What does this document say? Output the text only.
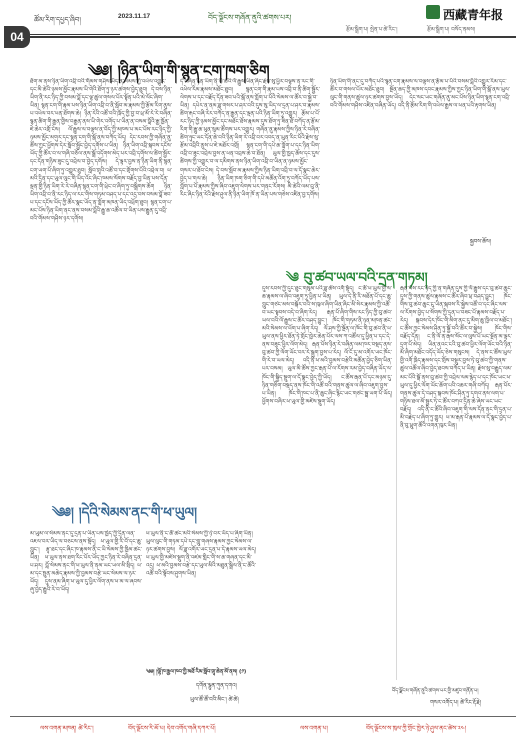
ཚོམ་རིག་དཔྱད་ཞིབ།	2023.11.17	བོད་ལྗོངས་གཞོན་ནུའི་ཚགས་པར།	西藏青年报
རྩོམ་སྒྲིག་པ། སྤེན་པ་ཚེ་རིང་།	རྩོམ་སྒྲིག་པ། བསོད་ནམས།
04
༄༅། །ཉིན་ཡིག་གི་སྙན་ངག་ཁག་ཅིག
ཐོག་མ་ནས་ཉིན་ཡིག་འབྲི་བའི་གོམས་གཤིས་ཡོད་ན་སེམས་ཀྱི་འཕེལ་འགྱུར་དང་མི་ཚེའི་ཉམས་མྱོང་རྣམས་ཡི་གེའི་ཐོག་ཏུ་ཉར་ཚགས་བྱེད་ཐུབ། དེ་བས་ཉིན་ཡིག་ནི་རང་ཉིད་ཀྱི་བསམ་བློ་དང་ལྟ་ཚུལ་གསལ་པོར་སྟོན་པའི་མེ་ལོང་ཞིག་ཡིན། སྙན་ངག་གི་རྣམ་པས་ཉིན་ཡིག་འབྲི་བ་ནི་སློབ་མ་རྣམས་ཀྱི་རྩོམ་རིག་ནུས་པ་འཕེལ་བར་ཕན་ཐོགས་ཆེ། ཉིན་རེའི་འཚོ་བའི་ཁྲོད་ཀྱི་བྱ་བ་ཕྲ་མོ་རེ་རེ་བཞིན་སྙན་ཚིག་གི་རྒྱན་གྱིས་བརྒྱན་ནས་ཡི་གེར་འགོད་པ་ཡིན་ན་བསམ་བློའི་རྒྱ་ཁྱོན་ཇེ་ཆེར་འགྲོ་ངེས། ལོ་རྒྱུས་ལ་བལྟས་ན་བོད་ཀྱི་མཁས་པ་མང་པོས་རང་ཉིད་ཀྱི་ཉམས་མྱོང་མགུར་དང་སྙན་ངག་གི་སྒོ་ནས་བཀོད་ཡོད། དེང་རབས་ཀྱི་གཞོན་ནུ་ཚོས་ཀྱང་ཕྱོགས་དེར་སློབ་སྦྱོང་བྱེད་དགོས་པ་ཡིན། ཉིན་ཡིག་འབྲི་སྐབས་དངོས་ཡོད་ཀྱི་ཚོར་བ་ལ་གཞི་བཅོལ་ནས་སྒྲོ་འདོགས་མེད་པར་འབྲི་དགོས་ལ་ཚིག་སྦྱོར་དང་དོན་གཉིས་ཟུང་དུ་འབྲེལ་བ་བྱེད་དགོས། དེ་ལྟར་བྱས་ན་ཉིན་ཡིག་ནི་སྙན་ངག་ཡག་པོ་ཞིག་ཏུ་འགྱུར་ཐུབ། སློབ་གྲྭའི་འཚོ་བ་དང་གྲོགས་པོའི་འབྲེལ་བ། ཕ་མའི་དྲིན་དང་ཡུལ་ལུང་གི་ཡིད་འོང་ཞིང་ཁམས་སོགས་བརྗོད་བྱ་ཡིན་པས་དོན་ལྡན་གྱི་ཉིན་ཡིག་རེ་རེ་བཞིན་སྙན་ངག་གི་ཕྲེང་བ་ཞིག་ཏུ་བསྒྲིགས་ཆོག ཉིན་ཡིག་འབྲི་བ་ནི་རང་ཉིད་ལ་རང་གིས་གཏམ་བཤད་པ་དང་འདྲ་བས་བསམ་བློ་ཟབ་པ་དང་དངོས་ཡོད་ཀྱི་ཚོར་སྣང་ཡོད་ན་ཀློག་མཁན་ཡིད་འཕྲོག་ཐུབ། སྙན་ངག་པ་མང་པོས་ཉིན་ཡིག་ནང་ནས་བསམ་བློའི་རྒྱུ་ཆ་འཚོལ་བ་ཡིན་པས་རྒྱུན་དུ་འབྲི་བའི་གོམས་གཤིས་ཉར་དགོས།
དེ་བཞིན་ཉིན་ཡིག་ནི་མི་ཚེའི་ལོ་རྒྱུས་ཡིན་ཞིང་རྗེས་སུ་ཕྱིར་བལྟས་ན་རང་གི་འཕེལ་རིམ་རྣམས་མཐོང་ཐུབ། སྙན་ངག་གི་རྣམ་པས་འབྲི་བ་ནི་ཚིག་སྦྱོར་ལེགས་པ་དང་བརྗོད་དོན་ཟབ་པའི་སྒོ་ནས་ཀློག་པ་པོའི་སེམས་ལ་ཚོར་བ་སྐྱེ་བ་ཡིན། དཔེར་ན་ནམ་ཟླ་གསར་པ་ཤར་བའི་དུས་སུ་ཡིད་ལ་དྲན་པ་ཤར་བ་རྣམས་ཚིག་རྐང་བཞི་རེར་བཀོད་ན་རྒྱན་དང་ལྡན་པའི་ཉིན་ཡིག་ཏུ་འགྱུར། རྩོམ་པ་པོ་རང་ཉིད་ཀྱི་ཉམས་མྱོང་དང་མཐོང་ཐོས་རྣམས་དུས་ཐོག་ཏུ་ཟིན་ཐོ་བཀོད་ན་རྩོམ་རིག་གི་རྒྱུ་ཆ་ཕུན་སུམ་ཚོགས་པར་འགྱུར། གཞོན་ནུ་རྣམས་ཀྱིས་ཉིན་རེ་བཞིན་ཚིག་ཉུང་ཡང་དོན་ཆེ་བའི་ཉིན་ཡིག་རེ་འབྲི་བར་འབད་ན་ཡུན་རིང་པོའི་རྗེས་སུ་རྩོམ་འབྲིའི་ནུས་པ་ཇེ་མཐོར་འགྲོ། སྙན་ངག་གི་དཔེ་ཆ་ཀློག་པ་དང་ཉིན་ཡིག་འབྲི་བ་ཟུང་འབྲེལ་བྱས་ན་ཕན་འབྲས་ཆེ་བ་ཐོན། ཡུལ་གྱི་ཁྱད་ཆོས་དང་དུས་ཚིགས་ཀྱི་འགྱུར་བ་ལ་དམིགས་ནས་ཉིན་ཡིག་འབྲི་བ་ཡིན་ན་ཉམས་མྱོང་གསར་པ་ཐོབ་ངེས། དེ་བས་སློབ་མ་རྣམས་ཀྱིས་ཉིན་ཡིག་འབྲི་བ་ལ་དོ་སྣང་ཆེར་བྱེད་པ་གལ་ཆེ། ཉིན་ཡིག་ཁག་ཅིག་གི་དཔེ་མཚོན་འོག་ཏུ་བཀོད་ཡོད་པས་ཀློག་པ་པོ་རྣམས་ཀྱིས་ཞིབ་འཇུག་ལེགས་པར་གནང་རོགས། མི་ཚེའི་ལམ་བུ་ནི་རིང་ཞིང་ཉིན་རེའི་རྗེས་ཤུལ་ནི་ཉིན་ཡིག་ཁོ་ན་ཡིན་པས་གཅེས་འཛིན་བྱ་དགོས།
ཉིན་ཡིག་གི་ནང་དུ་བཀོད་པའི་སྙན་ངག་རྣམས་ལ་བལྟས་ན་རྩོམ་པ་པོའི་བསམ་བློའི་འགྱུར་རིམ་དང་ཚོར་བ་གསལ་པོར་མཐོང་ཐུབ། སྔོན་ཆད་ཀྱི་མཁས་དབང་རྣམས་ཀྱིས་ཀྱང་ཉིན་ཡིག་གི་སྒོ་ནས་ཡུལ་ལུང་གི་གནས་ཚུལ་ཉར་ཚགས་བྱས་ཡོད། དེང་སང་ཡང་གཞོན་ནུ་མང་པོས་ཉིན་ཡིག་སྙན་ངག་འབྲི་བའི་གོམས་གཤིས་འཛིན་བཞིན་ཡོད། འདི་ནི་རྩོམ་རིག་གི་འཕེལ་རྒྱས་ལ་ཕན་པའི་རྟགས་ཡིན།
སྐྱབས་ཆོས།
༄ བུ་ཚབ་ཡལ་བའི་དྲན་གཏམ།
དུས་རབས་ཀྱི་དུང་ཐུང་གསུམ་པའི་ཟླ་ཚེས་འགོ་སྟོད། ང་ཚོ་ཕ་ཡུལ་གྱི་ས་ཆ་རྣམས་ལ་ཞིབ་འཇུག་ཏུ་ཕྱིན་པ་ཡིན། ཡུལ་དེ་ནི་རི་མཐོན་པོ་དང་ཆུ་ཀླུང་གཙང་མས་བསྐོར་བའི་ས་ཁུལ་ཞིག་ཡིན་ཞིང་མི་སེར་རྣམས་ཀྱི་འཚོ་བ་ཡང་སྟབས་བདེ་བ་ཞིག་རེད། རྒན་པོ་ཞིག་གིས་རང་ཉིད་ཀྱི་བུ་ཚབ་ཡལ་བའི་ལོ་རྒྱུས་ང་ཚོར་བཤད་བྱུང་། ཁོང་གི་གཏམ་ནི་ཉན་མཁན་ཚང་མའི་སེམས་ལ་ཕོག་པ་ཞིག་རེད། ལོ་ཤས་ཀྱི་སྔོན་ལ་ཁོང་གི་བུ་ཚབ་ནི་ཕ་ཡུལ་ནས་ཕྱིར་ཐོན་ཏེ་གྲོང་ཁྱེར་ཆེན་པོར་ལས་ཀ་འཚོལ་དུ་ཕྱིན་པ་དང་དེ་ནས་བཟུང་ཕྱིར་ལོག་མེད། རྒན་པོས་ཉིན་རེ་བཞིན་ལམ་ཁར་བསྡད་ནས་བུ་ཚབ་ཀྱི་ལོག་ཡོང་བར་རེ་སྒུག་བྱས་པ་རེད། ལོ་ངོ་དུ་མ་འགོར་ཡང་ཁོང་གི་རེ་བ་ཡལ་མེད། འདི་ནི་ཕ་མའི་བྱམས་བརྩེའི་མཚོན་བྱེད་ཅིག་ཡིན་པར་བསམ། ཡུལ་མི་ཚོས་ཀྱང་རྒན་པོ་ལ་རོགས་རམ་བྱེད་བཞིན་ཡོད་ལ་ཁོང་གི་སྐྱིད་སྡུག་ལ་དོ་སྣང་བྱེད་ཀྱི་ཡོད། ང་ཚོས་རྒན་པོ་དང་མཉམ་དུ་ཉིན་གཅིག་བསྡད་ནས་ཁོང་གི་འཚོ་བའི་གནས་ཚུལ་ལ་ཞིབ་འཇུག་བྱས་པ་ཡིན། ཁོང་གི་ཁང་པ་ནི་ཆུང་ཞིང་རྙིང་ཡང་གཙང་སྦྲ་ཡག་པོ་ཡོད། ཕྱོགས་བཞིར་ཕ་ཡུལ་གྱི་མཛེས་སྡུག་ཡོད།
རྒན་པོས་རང་ཉིད་ཀྱི་ན་གཞོན་དུས་ཀྱི་ལོ་རྒྱུས་དང་བུ་ཚབ་ཆུང་དུས་ཀྱི་གནས་ཚུལ་རྣམས་ང་ཚོར་ཞིབ་ཕྲ་བཤད་བྱུང་། ཁོང་གིས་བུ་ཚབ་ཆུང་ངུ་ཡིན་སྐབས་རི་སྐྱེས་འཚོ་བ་དང་ཞིང་ལས་ལ་རོགས་བྱེད་པ་སོགས་ཀྱི་དྲན་པ་བཟང་པོ་རྣམས་བརྗོད་པ་རེད། སྐབས་དེར་ཁོང་གི་མིག་ནང་དུ་མིག་ཆུ་ཁྱིལ་བ་མཐོང་། ང་ཚོས་ཀྱང་སེམས་ཤིན་ཏུ་སྐྱོ་བའི་ཚོར་བ་སྐྱེས། ཁོང་གིས་བརྗོད་དོན། ང་ནི་ལོ་ན་རྒས་སོང་ལ་ལུས་པོ་ཡང་སྔོན་མ་ལྟར་དྲག་པོ་མེད། ཡིན་ནའང་ངའི་བུ་ཚབ་ཕྱིར་ལོག་ཡོང་བའི་ཉིན་མོ་ཞིག་མཐོང་འདོད་ཡོད་ཅེས་གསུངས། དེ་ནས་ང་ཚོས་ཡུལ་གྱི་འགོ་ཁྲིད་རྣམས་དང་གྲོས་བསྡུར་བྱས་ཏེ་བུ་ཚབ་ཀྱི་གནས་ཚུལ་འཚོལ་ཞིབ་བྱེད་ཐབས་བཀོད་པ་ཡིན། རྗེས་སུ་བརྒྱུད་ལམ་མང་པོའི་སྒོ་ནས་བུ་ཚབ་ཀྱི་འབྲེལ་ལམ་རྙེད་པ་དང་ཁོང་ཡང་ཕ་ཡུལ་དུ་ཕྱིར་ལོག་ཡོང་ཆོག་པའི་འཆར་གཞི་བཀོད། རྒན་པོར་གནས་ཚུལ་དེ་བཤད་སྐབས་ཁོང་ཤིན་ཏུ་དགའ་ནས་ལག་པ་གཉིས་ཐལ་མོ་སྦྱར་ཏེ་ང་ཚོར་བཀའ་དྲིན་ཆེ་ཞེས་ཡང་ཡང་བརྗོད། འདི་ནི་ང་ཚོའི་ཞིབ་འཇུག་གི་ལས་དོན་ནང་གི་དྲན་པ་མི་བརྗེད་པ་ཞིག་ཏུ་གྱུར། ཕ་མ་རྒན་པོ་རྣམས་ལ་དོ་སྣང་བྱེད་པ་ནི་བུ་ཕྲུག་ཚོའི་འགན་ཁུར་ཡིན།
བོད་ལྗོངས་གཞོན་ནུའི་ཚགས་པར་གྱི་མཛུབ་གནོན་པ།
གསར་འགོད་པ། ཚེ་རིང་རྡོ་རྗེ།
༄༅། །དེའི་སེམས་ནང་གི་ཕ་ཡུལ།
མ་ཡུམ་ལ་སེམས་ནང་དུ་དྲན་པ་ཡིན་པས་ཁྱེད་ཀྱི་དྲིན་ལན་འཇལ་བར་ཡིད་ལ་བཅངས་ནས་སྡོད། ཕ་ཡུལ་གྱི་རི་བོ་དང་ཆུ་ཀླུང་། རྩྭ་ཐང་དང་ཞིང་ཁ་རྣམས་ནི་ང་ཡི་སེམས་ཀྱི་ཁྱིམ་ཚང་ཡིན། ཕ་ཡུལ་ནས་ཐག་རིང་པོར་ཡོད་ཀྱང་ཉིན་རེ་བཞིན་དྲན་པ་ཤར། བློ་སེམས་ནང་གི་ཕ་ཡུལ་ནི་ནམ་ཡང་ཡལ་མི་སྲིད། ཕ་མ་དང་སྤུན་མཆེད་རྣམས་ཀྱི་བྱམས་བརྩེ་ཡང་སེམས་ལ་ཉར་ཡོད། དུས་ནམ་ཞིག་ཕ་ཡུལ་དུ་ཕྱིར་ལོག་ནས་ཕ་མ་ལ་ཞབས་ཞུ་བྱེད་རྒྱུའི་རེ་བ་ཡོད།
ཕ་ཡུལ་ནི་ང་ཚོ་ཚང་མའི་སེམས་ཀྱི་ཉེ་བར་ཡོད་པ་ཞིག་ཡིན། ཡུལ་ལུང་གི་གཏམ་དཔེ་དང་གླུ་གཞས་རྣམས་ཀྱང་སེམས་ལ་ཉར་ཚགས་བྱས། ལོ་ཟླ་འགོར་ཡང་དྲན་པ་དེ་རྣམས་ཡལ་མེད། ཕ་ཡུལ་གྱི་མཛེས་སྡུག་ནི་འཛམ་གླིང་གི་ས་ཆ་གཞན་དང་མི་འདྲ། ཕ་མའི་བྱམས་བརྩེ་དང་ཡུལ་མིའི་མཐུན་སྒྲིལ་ནི་ང་ཚོའི་འཚོ་བའི་སྟོབས་ཤུགས་ཡིན།
༄༅། །ལྷོ་ཁ་རྒྱལ་ཁབ་ཀྱི་མཐོ་རིམ་སློབ་གྲྭ་ཆེན་མོ་ནས། (༡)
དགོན་ལྷུན་ཀུན་དགའ།
ཡུལ་ཚོ་ཚོ་བའི་མིང་། ཚེ་ཚེ།
ལས་འགན་མཁན། ཚེ་རིང་།	བོད་ལྗོངས་རི་མོ་པ། དེབ་འགོད་གཞི་དཀར་པོ།	ལས་འགན་པ།	བོད་ལྗོངས་ས་ཁུལ་ཀྱི་གྲོང་ཁྱེར་ཉེ་ཤུལ་ནང་ཚེས་༢༤།
